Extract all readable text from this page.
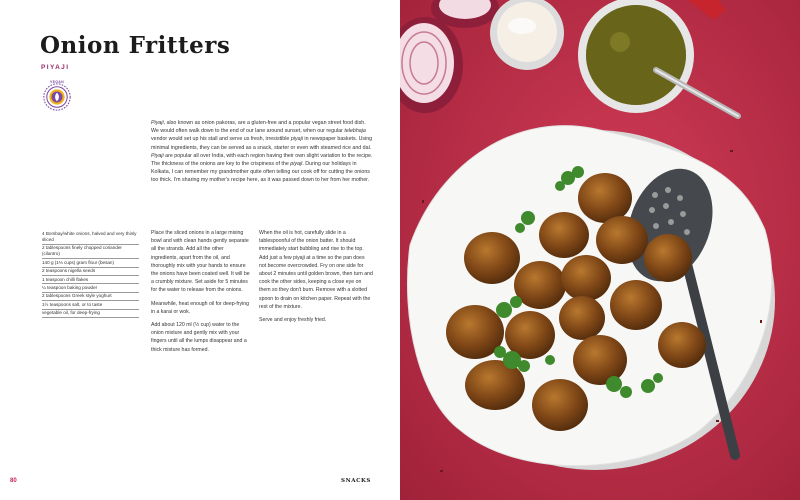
Onion Fritters
PIYAJI
VEGAN
Piyaji, also known as onion pakoras, are a gluten-free and a popular vegan street food dish. We would often walk down to the end of our lane around sunset, when our regular telebhaja vendor would set up his stall and serve us fresh, irresistible piyaji in newspaper baskets. Using minimal ingredients, they can be served as a snack, starter or even with steamed rice and dal. Piyaji are popular all over India, with each region having their own slight variation to the recipe. The thickness of the onions are key to the crispiness of the piyaji. During our holidays in Kolkata, I can remember my grandmother quite often telling our cook off for cutting the onions too thick. I'm sharing my mother's recipe here, as it was passed down to her from her mother.
4 Bombay/white onions, halved and very thinly sliced
2 tablespoons finely chopped coriander (cilantro)
140 g (1⅓ cups) gram flour (besan)
2 teaspoons nigella seeds
1 teaspoon chilli flakes
¼ teaspoon baking powder
2 tablespoons Greek style yoghurt
1½ teaspoons salt, or to taste
vegetable oil, for deep-frying

Place the sliced onions in a large mixing bowl and with clean hands gently separate all the strands. Add all the other ingredients, apart from the oil, and thoroughly mix with your hands to ensure the onions have been coated well. It will be a crumbly mixture. Set aside for 5 minutes for the water to release from the onions.

Meanwhile, heat enough oil for deep-frying in a karai or wok.

Add about 120 ml (½ cup) water to the onion mixture and gently mix with your fingers until all the lumps disappear and a thick mixture has formed.

When the oil is hot, carefully slide in a tablespoonful of the onion batter. It should immediately start bubbling and rise to the top. Add just a few piyaji at a time so the pan does not become overcrowded. Fry on one side for about 2 minutes until golden brown, then turn and cook the other sides, keeping a close eye on them so they don't burn. Remove with a slotted spoon to drain on kitchen paper. Repeat with the rest of the mixture.

Serve and enjoy freshly fried.

80	SNACKS
